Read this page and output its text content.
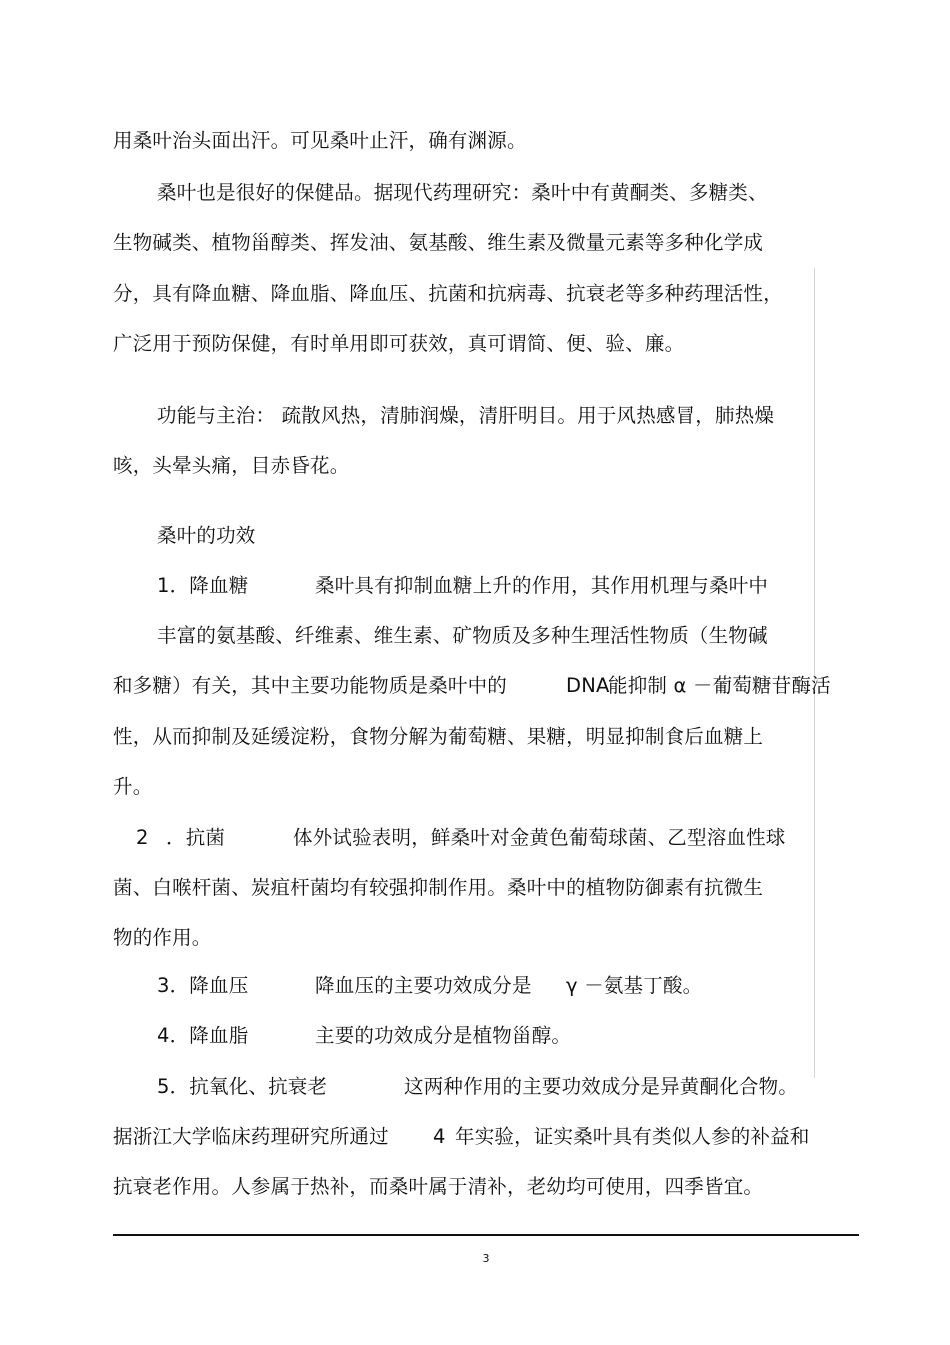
用桑叶治头面出汗。可见桑叶止汗，确有渊源。
桑叶也是很好的保健品。据现代药理研究：桑叶中有黄酮类、多糖类、
生物碱类、植物甾醇类、挥发油、氨基酸、维生素及微量元素等多种化学成
分，具有降血糖、降血脂、降血压、抗菌和抗病毒、抗衰老等多种药理活性，
广泛用于预防保健，有时单用即可获效，真可谓简、便、验、廉。
功能与主治： 疏散风热，清肺润燥，清肝明目。用于风热感冒，肺热燥
咳，头晕头痛，目赤昏花。
桑叶的功效
1．降血糖	桑叶具有抑制血糖上升的作用，其作用机理与桑叶中
丰富的氨基酸、纤维素、维生素、矿物质及多种生理活性物质（生物碱
和多糖）有关，其中主要功能物质是桑叶中的	DNA
能抑制 α －葡萄糖苷酶活
性，从而抑制及延缓淀粉，食物分解为葡萄糖、果糖，明显抑制食后血糖上
升。
2 ．抗菌	体外试验表明，鲜桑叶对金黄色葡萄球菌、乙型溶血性球
菌、白喉杆菌、炭疽杆菌均有较强抑制作用。桑叶中的植物防御素有抗微生
物的作用。
3．降血压	降血压的主要功效成分是 γ －氨基丁酸。
4．降血脂	主要的功效成分是植物甾醇。
5．抗氧化、抗衰老	这两种作用的主要功效成分是异黄酮化合物。
据浙江大学临床药理研究所通过 4 年实验，证实桑叶具有类似人参的补益和
抗衰老作用。人参属于热补，而桑叶属于清补，老幼均可使用，四季皆宜。
3
